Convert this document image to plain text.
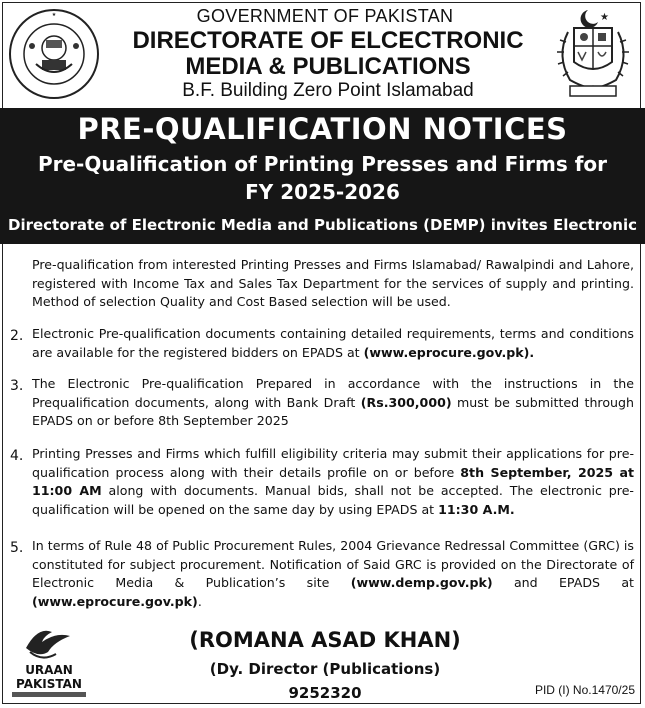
★	GOVERNMENT OF PAKISTAN
DIRECTORATE OF ELCECTRONIC
MEDIA & PUBLICATIONS
B.F. Building Zero Point Islamabad
★
PRE-QUALIFICATION NOTICES
Pre-Qualification of Printing Presses and Firms for
FY 2025-2026
Directorate of Electronic Media and Publications (DEMP) invites Electronic
Pre-qualification from interested Printing Presses and Firms Islamabad/ Rawalpindi and Lahore, registered with Income Tax and Sales Tax Department for the services of supply and printing. Method of selection Quality and Cost Based selection will be used.
2. Electronic Pre-qualification documents containing detailed requirements, terms and conditions are available for the registered bidders on EPADS at (www.eprocure.gov.pk).
3. The Electronic Pre-qualification Prepared in accordance with the instructions in the Prequalification documents, along with Bank Draft (Rs.300,000) must be submitted through EPADS on or before 8th September 2025
4. Printing Presses and Firms which fulfill eligibility criteria may submit their applications for pre-qualification process along with their details profile on or before 8th September, 2025 at 11:00 AM along with documents. Manual bids, shall not be accepted. The electronic pre-qualification will be opened on the same day by using EPADS at 11:30 A.M.
5. In terms of Rule 48 of Public Procurement Rules, 2004 Grievance Redressal Committee (GRC) is constituted for subject procurement. Notification of Said GRC is provided on the Directorate of Electronic Media & Publication’s site (www.demp.gov.pk) and EPADS at (www.eprocure.gov.pk).
URAAN
PAKISTAN
(ROMANA ASAD KHAN)
(Dy. Director (Publications)
9252320	PID (I) No.1470/25
